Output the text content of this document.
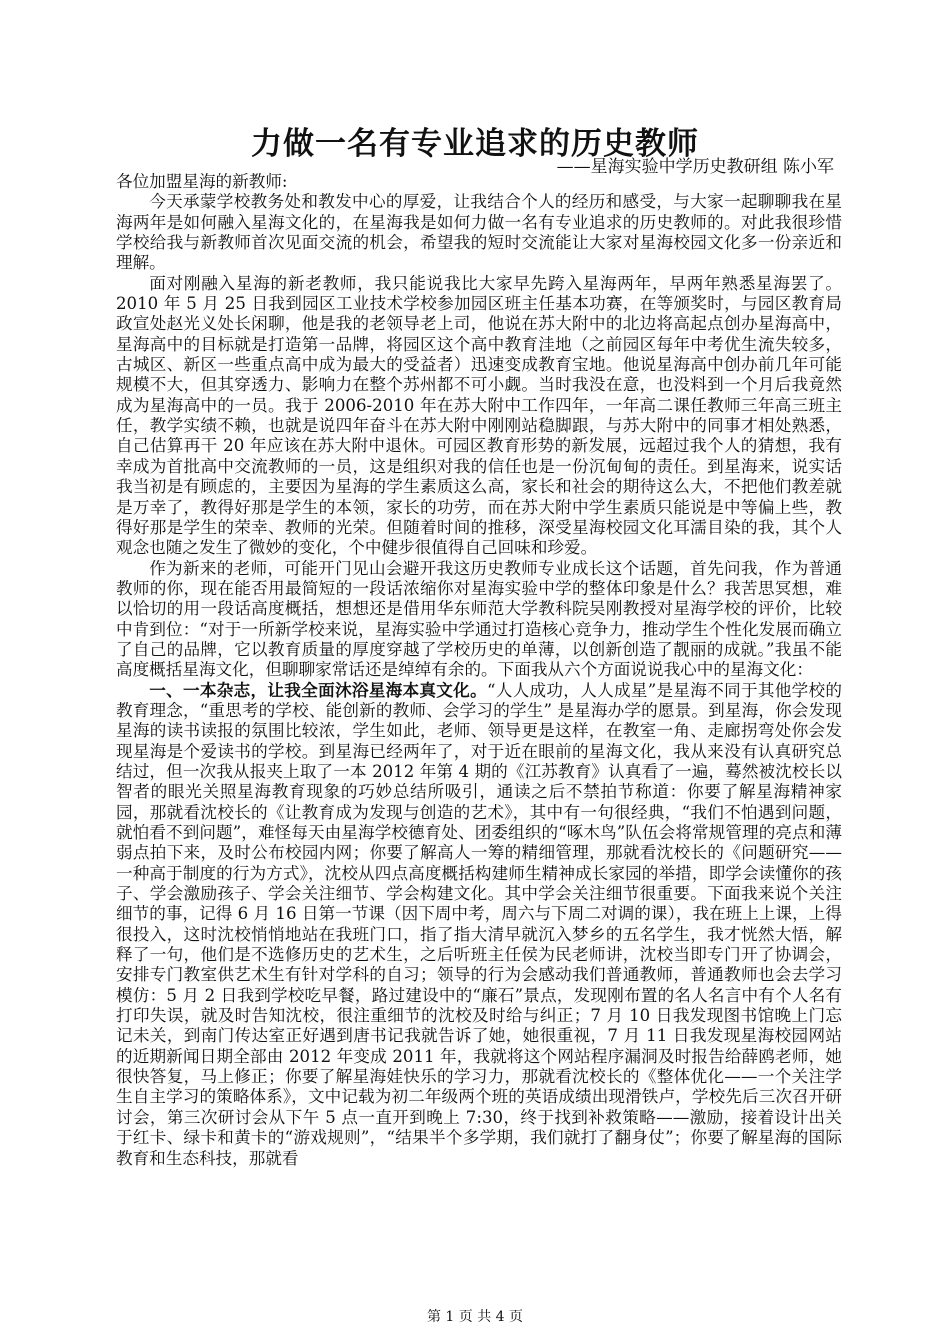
力做一名有专业追求的历史教师

——星海实验中学历史教研组 陈小军

各位加盟星海的新教师:

今天承蒙学校教务处和教发中心的厚爱，让我结合个人的经历和感受，与大家一起聊聊我在星海两年是如何融入星海文化的，在星海我是如何力做一名有专业追求的历史教师的。对此我很珍惜学校给我与新教师首次见面交流的机会，希望我的短时交流能让大家对星海校园文化多一份亲近和理解。

面对刚融入星海的新老教师，我只能说我比大家早先跨入星海两年，早两年熟悉星海罢了。2010 年 5 月 25 日我到园区工业技术学校参加园区班主任基本功赛，在等颁奖时，与园区教育局政宣处赵光义处长闲聊，他是我的老领导老上司，他说在苏大附中的北边将高起点创办星海高中，星海高中的目标就是打造第一品牌，将园区这个高中教育洼地（之前园区每年中考优生流失较多，古城区、新区一些重点高中成为最大的受益者）迅速变成教育宝地。他说星海高中创办前几年可能规模不大，但其穿透力、影响力在整个苏州都不可小觑。当时我没在意，也没料到一个月后我竟然成为星海高中的一员。我于 2006-2010 年在苏大附中工作四年，一年高二课任教师三年高三班主任，教学实绩不赖，也就是说四年奋斗在苏大附中刚刚站稳脚跟，与苏大附中的同事才相处熟悉，自己估算再干 20 年应该在苏大附中退休。可园区教育形势的新发展，远超过我个人的猜想，我有幸成为首批高中交流教师的一员，这是组织对我的信任也是一份沉甸甸的责任。到星海来，说实话我当初是有顾虑的，主要因为星海的学生素质这么高，家长和社会的期待这么大，不把他们教差就是万幸了，教得好那是学生的本领，家长的功劳，而在苏大附中学生素质只能说是中等偏上些，教得好那是学生的荣幸、教师的光荣。但随着时间的推移，深受星海校园文化耳濡目染的我，其个人观念也随之发生了微妙的变化，个中健步很值得自己回味和珍爱。

作为新来的老师，可能开门见山会避开我这历史教师专业成长这个话题，首先问我，作为普通教师的你，现在能否用最简短的一段话浓缩你对星海实验中学的整体印象是什么？我苦思冥想，难以恰切的用一段话高度概括，想想还是借用华东师范大学教科院吴刚教授对星海学校的评价，比较中肯到位：“对于一所新学校来说，星海实验中学通过打造核心竞争力，推动学生个性化发展而确立了自己的品牌，它以教育质量的厚度穿越了学校历史的单薄，以创新创造了靓丽的成就。”我虽不能高度概括星海文化，但聊聊家常话还是绰绰有余的。下面我从六个方面说说我心中的星海文化：

一、一本杂志，让我全面沐浴星海本真文化。“人人成功，人人成星”是星海不同于其他学校的教育理念，“重思考的学校、能创新的教师、会学习的学生” 是星海办学的愿景。到星海，你会发现星海的读书读报的氛围比较浓，学生如此，老师、领导更是这样，在教室一角、走廊拐弯处你会发现星海是个爱读书的学校。到星海已经两年了，对于近在眼前的星海文化，我从来没有认真研究总结过，但一次我从报夹上取了一本 2012 年第 4 期的《江苏教育》认真看了一遍，蓦然被沈校长以智者的眼光关照星海教育现象的巧妙总结所吸引，通读之后不禁拍节称道：你要了解星海精神家园，那就看沈校长的《让教育成为发现与创造的艺术》，其中有一句很经典，“我们不怕遇到问题，就怕看不到问题”，难怪每天由星海学校德育处、团委组织的“啄木鸟”队伍会将常规管理的亮点和薄弱点拍下来，及时公布校园内网；你要了解高人一筹的精细管理，那就看沈校长的《问题研究——一种高于制度的行为方式》，沈校从四点高度概括构建师生精神成长家园的举措，即学会读懂你的孩子、学会激励孩子、学会关注细节、学会构建文化。其中学会关注细节很重要。下面我来说个关注细节的事，记得 6 月 16 日第一节课（因下周中考，周六与下周二对调的课），我在班上上课，上得很投入，这时沈校悄悄地站在我班门口，指了指大清早就沉入梦乡的五名学生，我才恍然大悟，解释了一句，他们是不选修历史的艺术生，之后听班主任侯为民老师讲，沈校当即专门开了协调会，安排专门教室供艺术生有针对学科的自习；领导的行为会感动我们普通教师，普通教师也会去学习模仿：5 月 2 日我到学校吃早餐，路过建设中的“廉石”景点，发现刚布置的名人名言中有个人名有打印失误，就及时告知沈校，很注重细节的沈校及时给与纠正；7 月 10 日我发现图书馆晚上门忘记未关，到南门传达室正好遇到唐书记我就告诉了她，她很重视，7 月 11 日我发现星海校园网站的近期新闻日期全部由 2012 年变成 2011 年，我就将这个网站程序漏洞及时报告给薛鸥老师，她很快答复，马上修正；你要了解星海娃快乐的学习力，那就看沈校长的《整体优化——一个关注学生自主学习的策略体系》，文中记载为初二年级两个班的英语成绩出现滑铁卢，学校先后三次召开研讨会，第三次研讨会从下午 5 点一直开到晚上 7:30，终于找到补救策略——激励，接着设计出关于红卡、绿卡和黄卡的“游戏规则”，“结果半个多学期，我们就打了翻身仗”；你要了解星海的国际教育和生态科技，那就看

第 1 页 共 4 页
